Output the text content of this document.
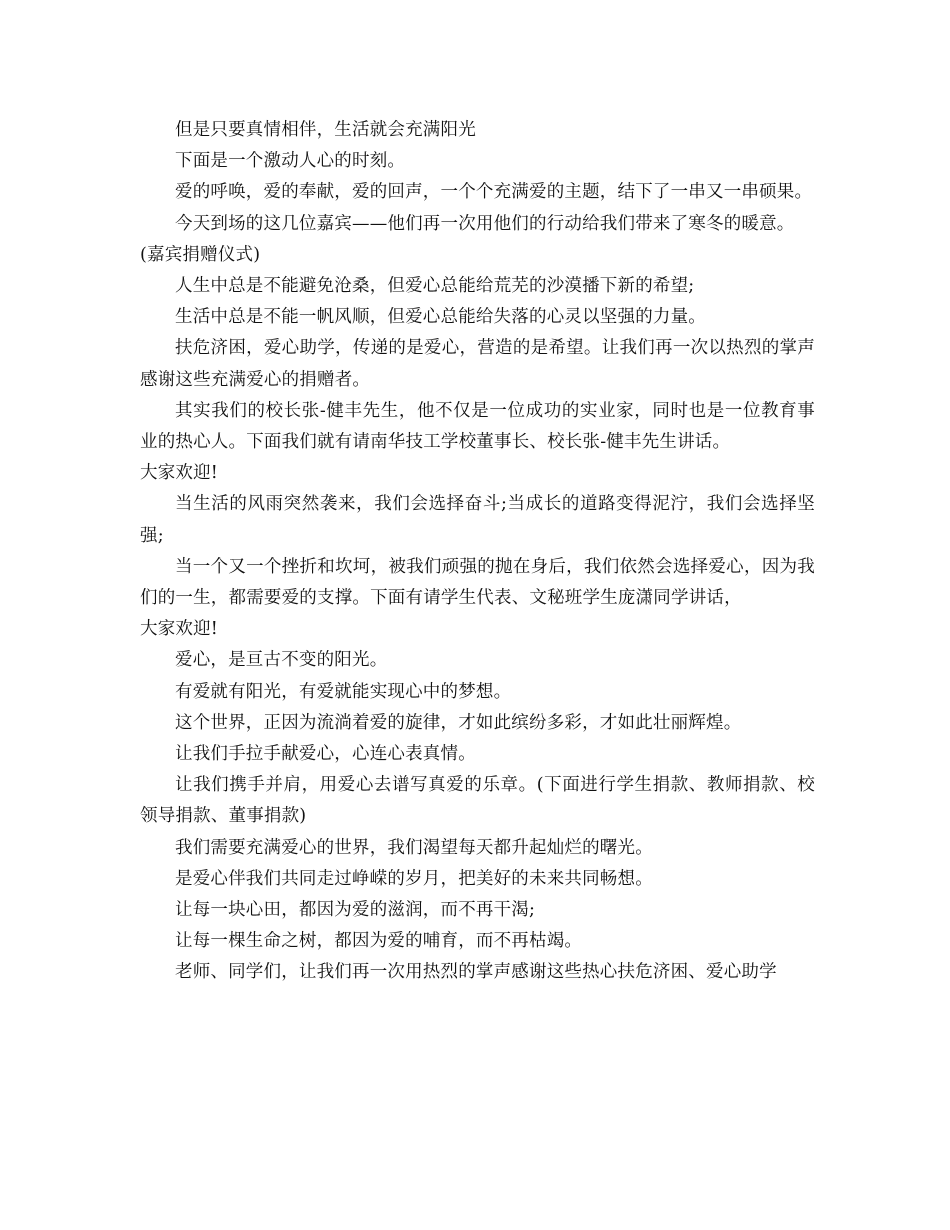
但是只要真情相伴，生活就会充满阳光

下面是一个激动人心的时刻。

爱的呼唤，爱的奉献，爱的回声，一个个充满爱的主题，结下了一串又一串硕果。

今天到场的这几位嘉宾——他们再一次用他们的行动给我们带来了寒冬的暖意。

(嘉宾捐赠仪式)

人生中总是不能避免沧桑，但爱心总能给荒芜的沙漠播下新的希望;

生活中总是不能一帆风顺，但爱心总能给失落的心灵以坚强的力量。

扶危济困，爱心助学，传递的是爱心，营造的是希望。让我们再一次以热烈的掌声感谢这些充满爱心的捐赠者。

其实我们的校长张-健丰先生，他不仅是一位成功的实业家，同时也是一位教育事业的热心人。下面我们就有请南华技工学校董事长、校长张-健丰先生讲话。

大家欢迎!

当生活的风雨突然袭来，我们会选择奋斗;当成长的道路变得泥泞，我们会选择坚强;

当一个又一个挫折和坎坷，被我们顽强的抛在身后，我们依然会选择爱心，因为我们的一生，都需要爱的支撑。下面有请学生代表、文秘班学生庞潇同学讲话，

大家欢迎!

爱心，是亘古不变的阳光。

有爱就有阳光，有爱就能实现心中的梦想。

这个世界，正因为流淌着爱的旋律，才如此缤纷多彩，才如此壮丽辉煌。

让我们手拉手献爱心，心连心表真情。

让我们携手并肩，用爱心去谱写真爱的乐章。(下面进行学生捐款、教师捐款、校领导捐款、董事捐款)

我们需要充满爱心的世界，我们渴望每天都升起灿烂的曙光。

是爱心伴我们共同走过峥嵘的岁月，把美好的未来共同畅想。

让每一块心田，都因为爱的滋润，而不再干渴;

让每一棵生命之树，都因为爱的哺育，而不再枯竭。

老师、同学们，让我们再一次用热烈的掌声感谢这些热心扶危济困、爱心助学
